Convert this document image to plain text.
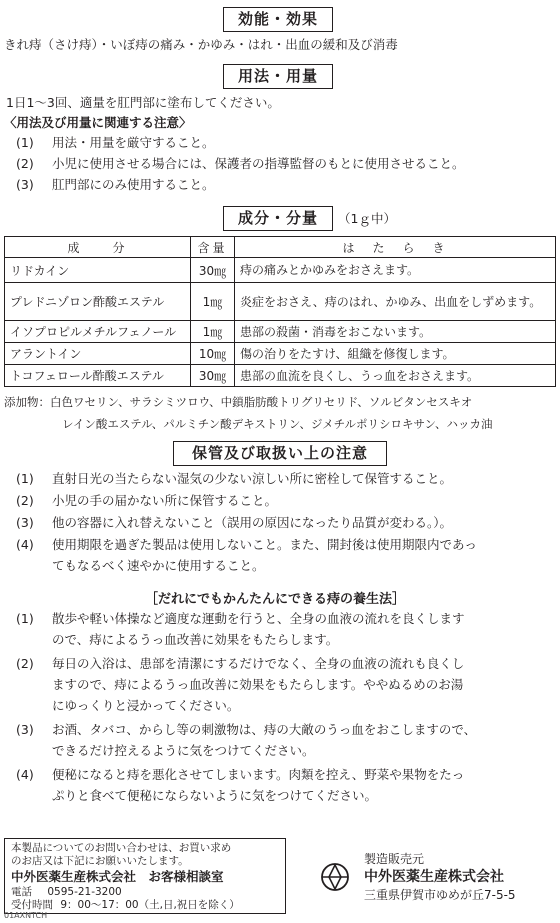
効能・効果
きれ痔（さけ痔）・いぼ痔の痛み・かゆみ・はれ・出血の緩和及び消毒
用法・用量
1日1～3回、適量を肛門部に塗布してください。
〈用法及び用量に関連する注意〉
(1) 用法・用量を厳守すること。
(2) 小児に使用させる場合には、保護者の指導監督のもとに使用させること。
(3) 肛門部にのみ使用すること。
成分・分量	（1ｇ中）
成　　分	含量	は　た　ら　き
リドカイン	30㎎	痔の痛みとかゆみをおさえます。
プレドニゾロン酢酸エステル	1㎎	炎症をおさえ、痔のはれ、かゆみ、出血をしずめます。
イソプロピルメチルフェノール	1㎎	患部の殺菌・消毒をおこないます。
アラントイン	10㎎	傷の治りをたすけ、組織を修復します。
トコフェロール酢酸エステル	30㎎	患部の血流を良くし、うっ血をおさえます。
添加物：白色ワセリン、サラシミツロウ、中鎖脂肪酸トリグリセリド、ソルビタンセスキオ
レイン酸エステル、パルミチン酸デキストリン、ジメチルポリシロキサン、ハッカ油
保管及び取扱い上の注意
(1) 直射日光の当たらない湿気の少ない涼しい所に密栓して保管すること。
(2) 小児の手の届かない所に保管すること。
(3) 他の容器に入れ替えないこと（誤用の原因になったり品質が変わる。）。
(4) 使用期限を過ぎた製品は使用しないこと。また、開封後は使用期限内であっ
てもなるべく速やかに使用すること。
［だれにでもかんたんにできる痔の養生法］
(1) 散歩や軽い体操など適度な運動を行うと、全身の血液の流れを良くします
ので、痔によるうっ血改善に効果をもたらします。
(2) 毎日の入浴は、患部を清潔にするだけでなく、全身の血液の流れも良くし
ますので、痔によるうっ血改善に効果をもたらします。ややぬるめのお湯
にゆっくりと浸かってください。
(3) お酒、タバコ、からし等の刺激物は、痔の大敵のうっ血をおこしますので、
できるだけ控えるように気をつけてください。
(4) 便秘になると痔を悪化させてしまいます。肉類を控え、野菜や果物をたっ
ぷりと食べて便秘にならないように気をつけてください。
本製品についてのお問い合わせは、お買い求め
のお店又は下記にお願いいたします。
中外医薬生産株式会社　お客様相談室
電話 0595-21-3200
受付時間 9：00～17：00（土,日,祝日を除く）
製造販売元
中外医薬生産株式会社
三重県伊賀市ゆめが丘7-5-5
01AXNTCH
